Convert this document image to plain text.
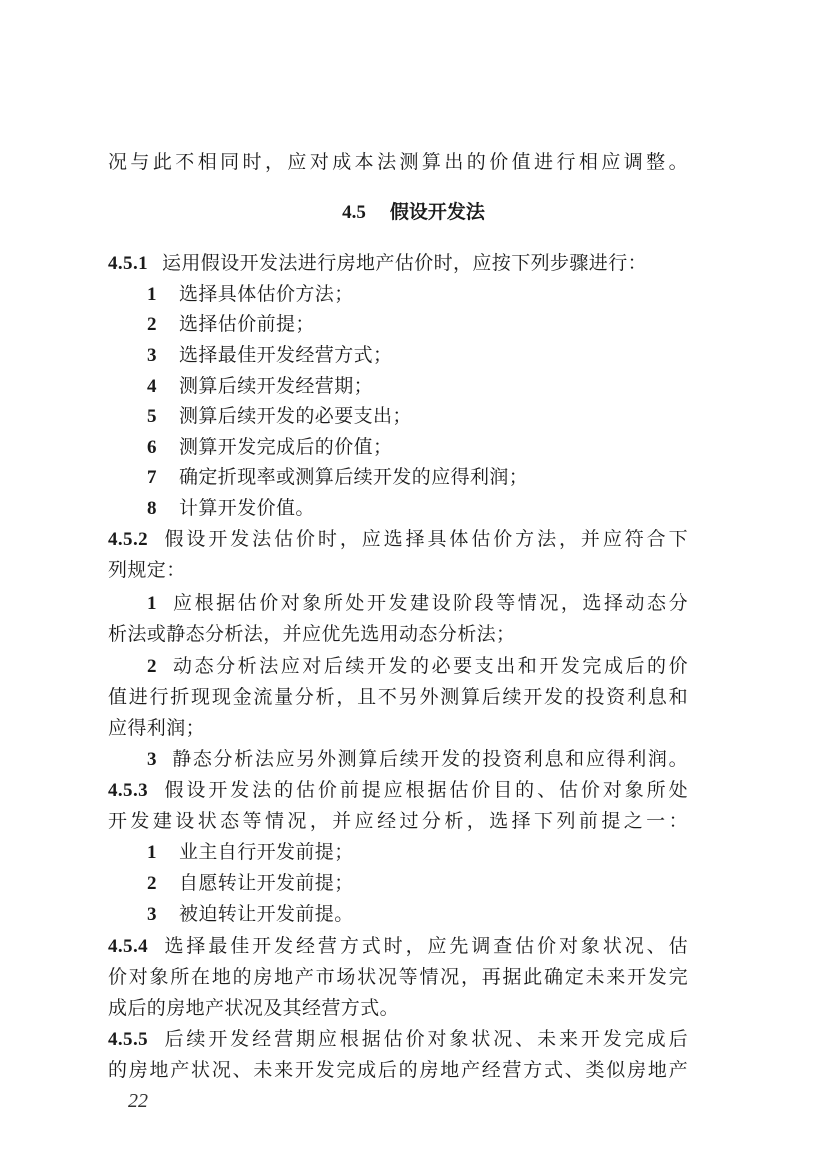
况与此不相同时，应对成本法测算出的价值进行相应调整。
4.5 假设开发法
4.5.1 运用假设开发法进行房地产估价时，应按下列步骤进行：
1 选择具体估价方法；
2 选择估价前提；
3 选择最佳开发经营方式；
4 测算后续开发经营期；
5 测算后续开发的必要支出；
6 测算开发完成后的价值；
7 确定折现率或测算后续开发的应得利润；
8 计算开发价值。
4.5.2 假设开发法估价时，应选择具体估价方法，并应符合下
列规定：
1 应根据估价对象所处开发建设阶段等情况，选择动态分
析法或静态分析法，并应优先选用动态分析法；
2 动态分析法应对后续开发的必要支出和开发完成后的价
值进行折现现金流量分析，且不另外测算后续开发的投资利息和
应得利润；
3 静态分析法应另外测算后续开发的投资利息和应得利润。
4.5.3 假设开发法的估价前提应根据估价目的、估价对象所处
开发建设状态等情况，并应经过分析，选择下列前提之一：
1 业主自行开发前提；
2 自愿转让开发前提；
3 被迫转让开发前提。
4.5.4 选择最佳开发经营方式时，应先调查估价对象状况、估
价对象所在地的房地产市场状况等情况，再据此确定未来开发完
成后的房地产状况及其经营方式。
4.5.5 后续开发经营期应根据估价对象状况、未来开发完成后
的房地产状况、未来开发完成后的房地产经营方式、类似房地产
22
